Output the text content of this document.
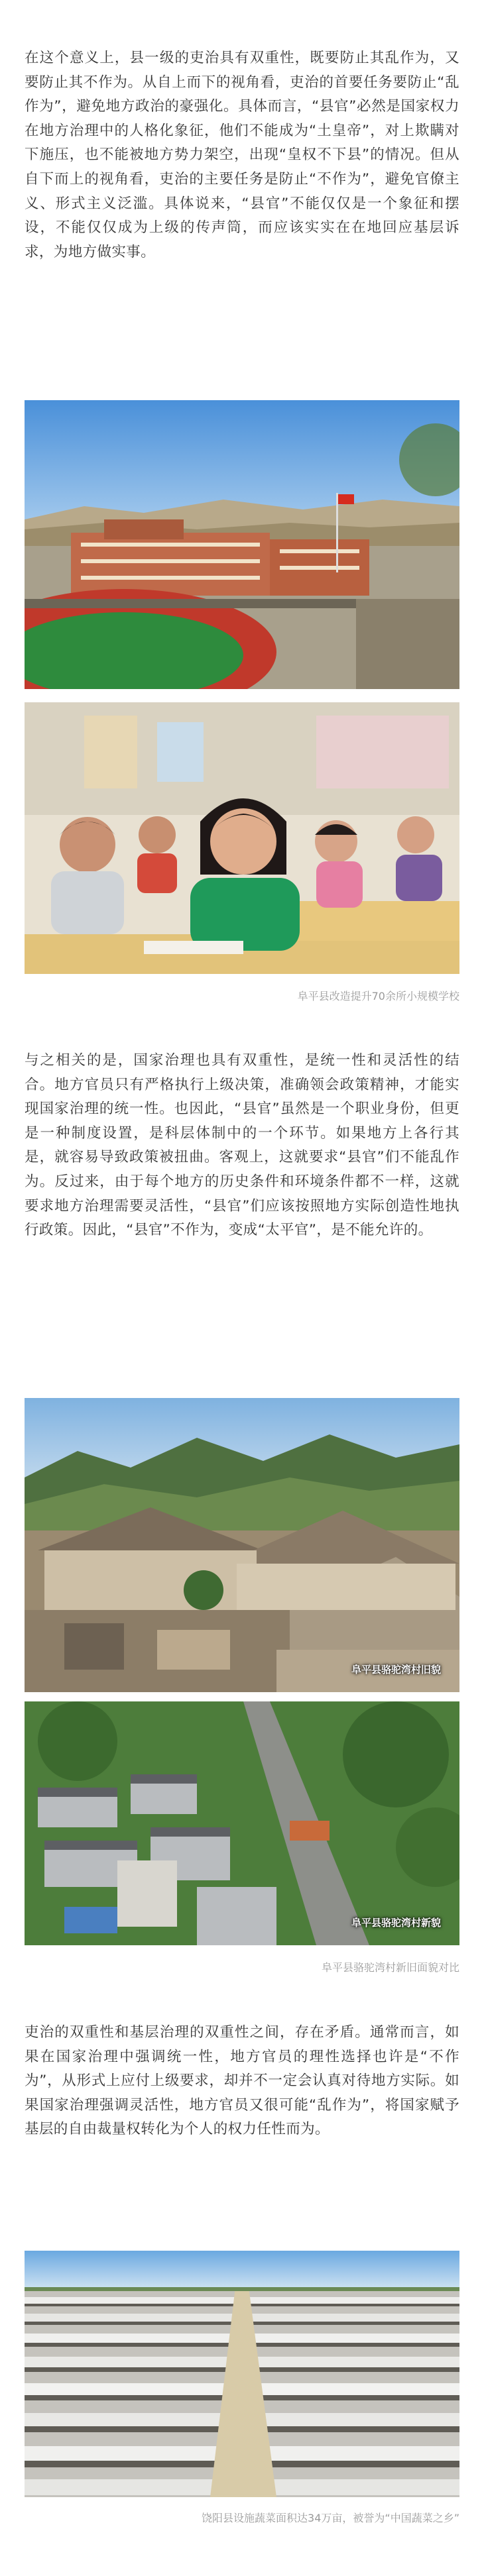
在这个意义上，县一级的吏治具有双重性，既要防止其乱作为，又要防止其不作为。从自上而下的视角看，吏治的首要任务要防止“乱作为”，避免地方政治的豪强化。具体而言，“县官”必然是国家权力在地方治理中的人格化象征，他们不能成为“土皇帝”，对上欺瞒对下施压，也不能被地方势力架空，出现“皇权不下县”的情况。但从自下而上的视角看，吏治的主要任务是防止“不作为”，避免官僚主义、形式主义泛滥。具体说来，“县官”不能仅仅是一个象征和摆设，不能仅仅成为上级的传声筒，而应该实实在在地回应基层诉求，为地方做实事。

阜平县改造提升70余所小规模学校

与之相关的是，国家治理也具有双重性，是统一性和灵活性的结合。地方官员只有严格执行上级决策，准确领会政策精神，才能实现国家治理的统一性。也因此，“县官”虽然是一个职业身份，但更是一种制度设置，是科层体制中的一个环节。如果地方上各行其是，就容易导致政策被扭曲。客观上，这就要求“县官”们不能乱作为。反过来，由于每个地方的历史条件和环境条件都不一样，这就要求地方治理需要灵活性，“县官”们应该按照地方实际创造性地执行政策。因此，“县官”不作为，变成“太平官”，是不能允许的。

阜平县骆驼湾村旧貌
阜平县骆驼湾村新貌
阜平县骆驼湾村新旧面貌对比

吏治的双重性和基层治理的双重性之间，存在矛盾。通常而言，如果在国家治理中强调统一性，地方官员的理性选择也许是“不作为”，从形式上应付上级要求，却并不一定会认真对待地方实际。如果国家治理强调灵活性，地方官员又很可能“乱作为”，将国家赋予基层的自由裁量权转化为个人的权力任性而为。

饶阳县设施蔬菜面积达34万亩，被誉为“中国蔬菜之乡”
